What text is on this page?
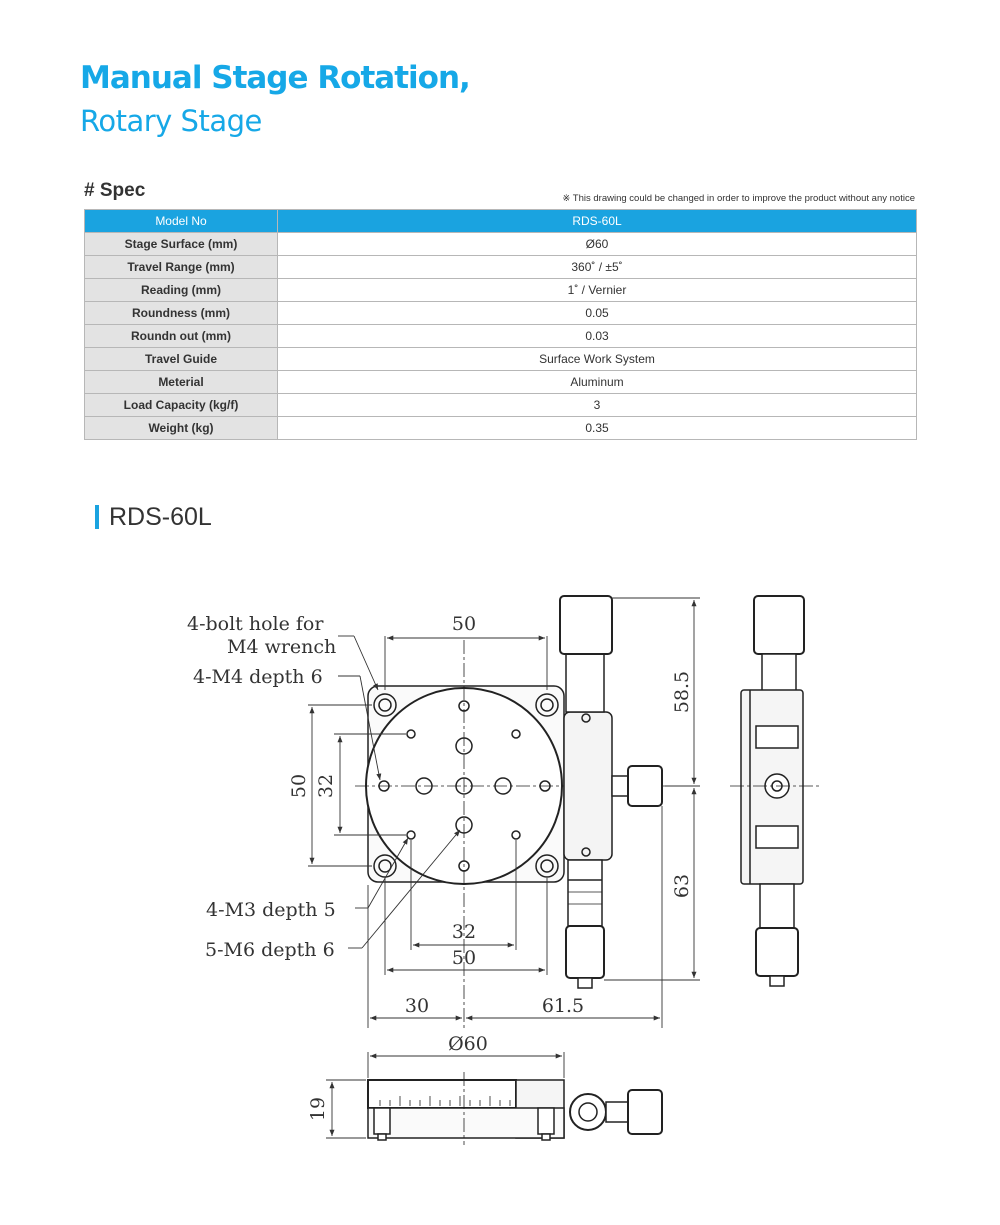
Manual Stage Rotation,
Rotary Stage
# Spec	※ This drawing could be changed in order to improve the product without any notice
Model No	RDS-60L
Stage Surface (mm)	Ø60
Travel Range (mm)	360˚ / ±5˚
Reading (mm)	1˚ / Vernier
Roundness (mm)	0.05
Roundn out (mm)	0.03
Travel Guide	Surface Work System
Meterial	Aluminum
Load Capacity (kg/f)	3
Weight (kg)	0.35
RDS-60L
4-bolt hole for
M4 wrench
4-M4 depth 6
4-M3 depth 5
5-M6 depth 6
50
50 32
32
50
30	61.5
58.5
63
Ø60
19
